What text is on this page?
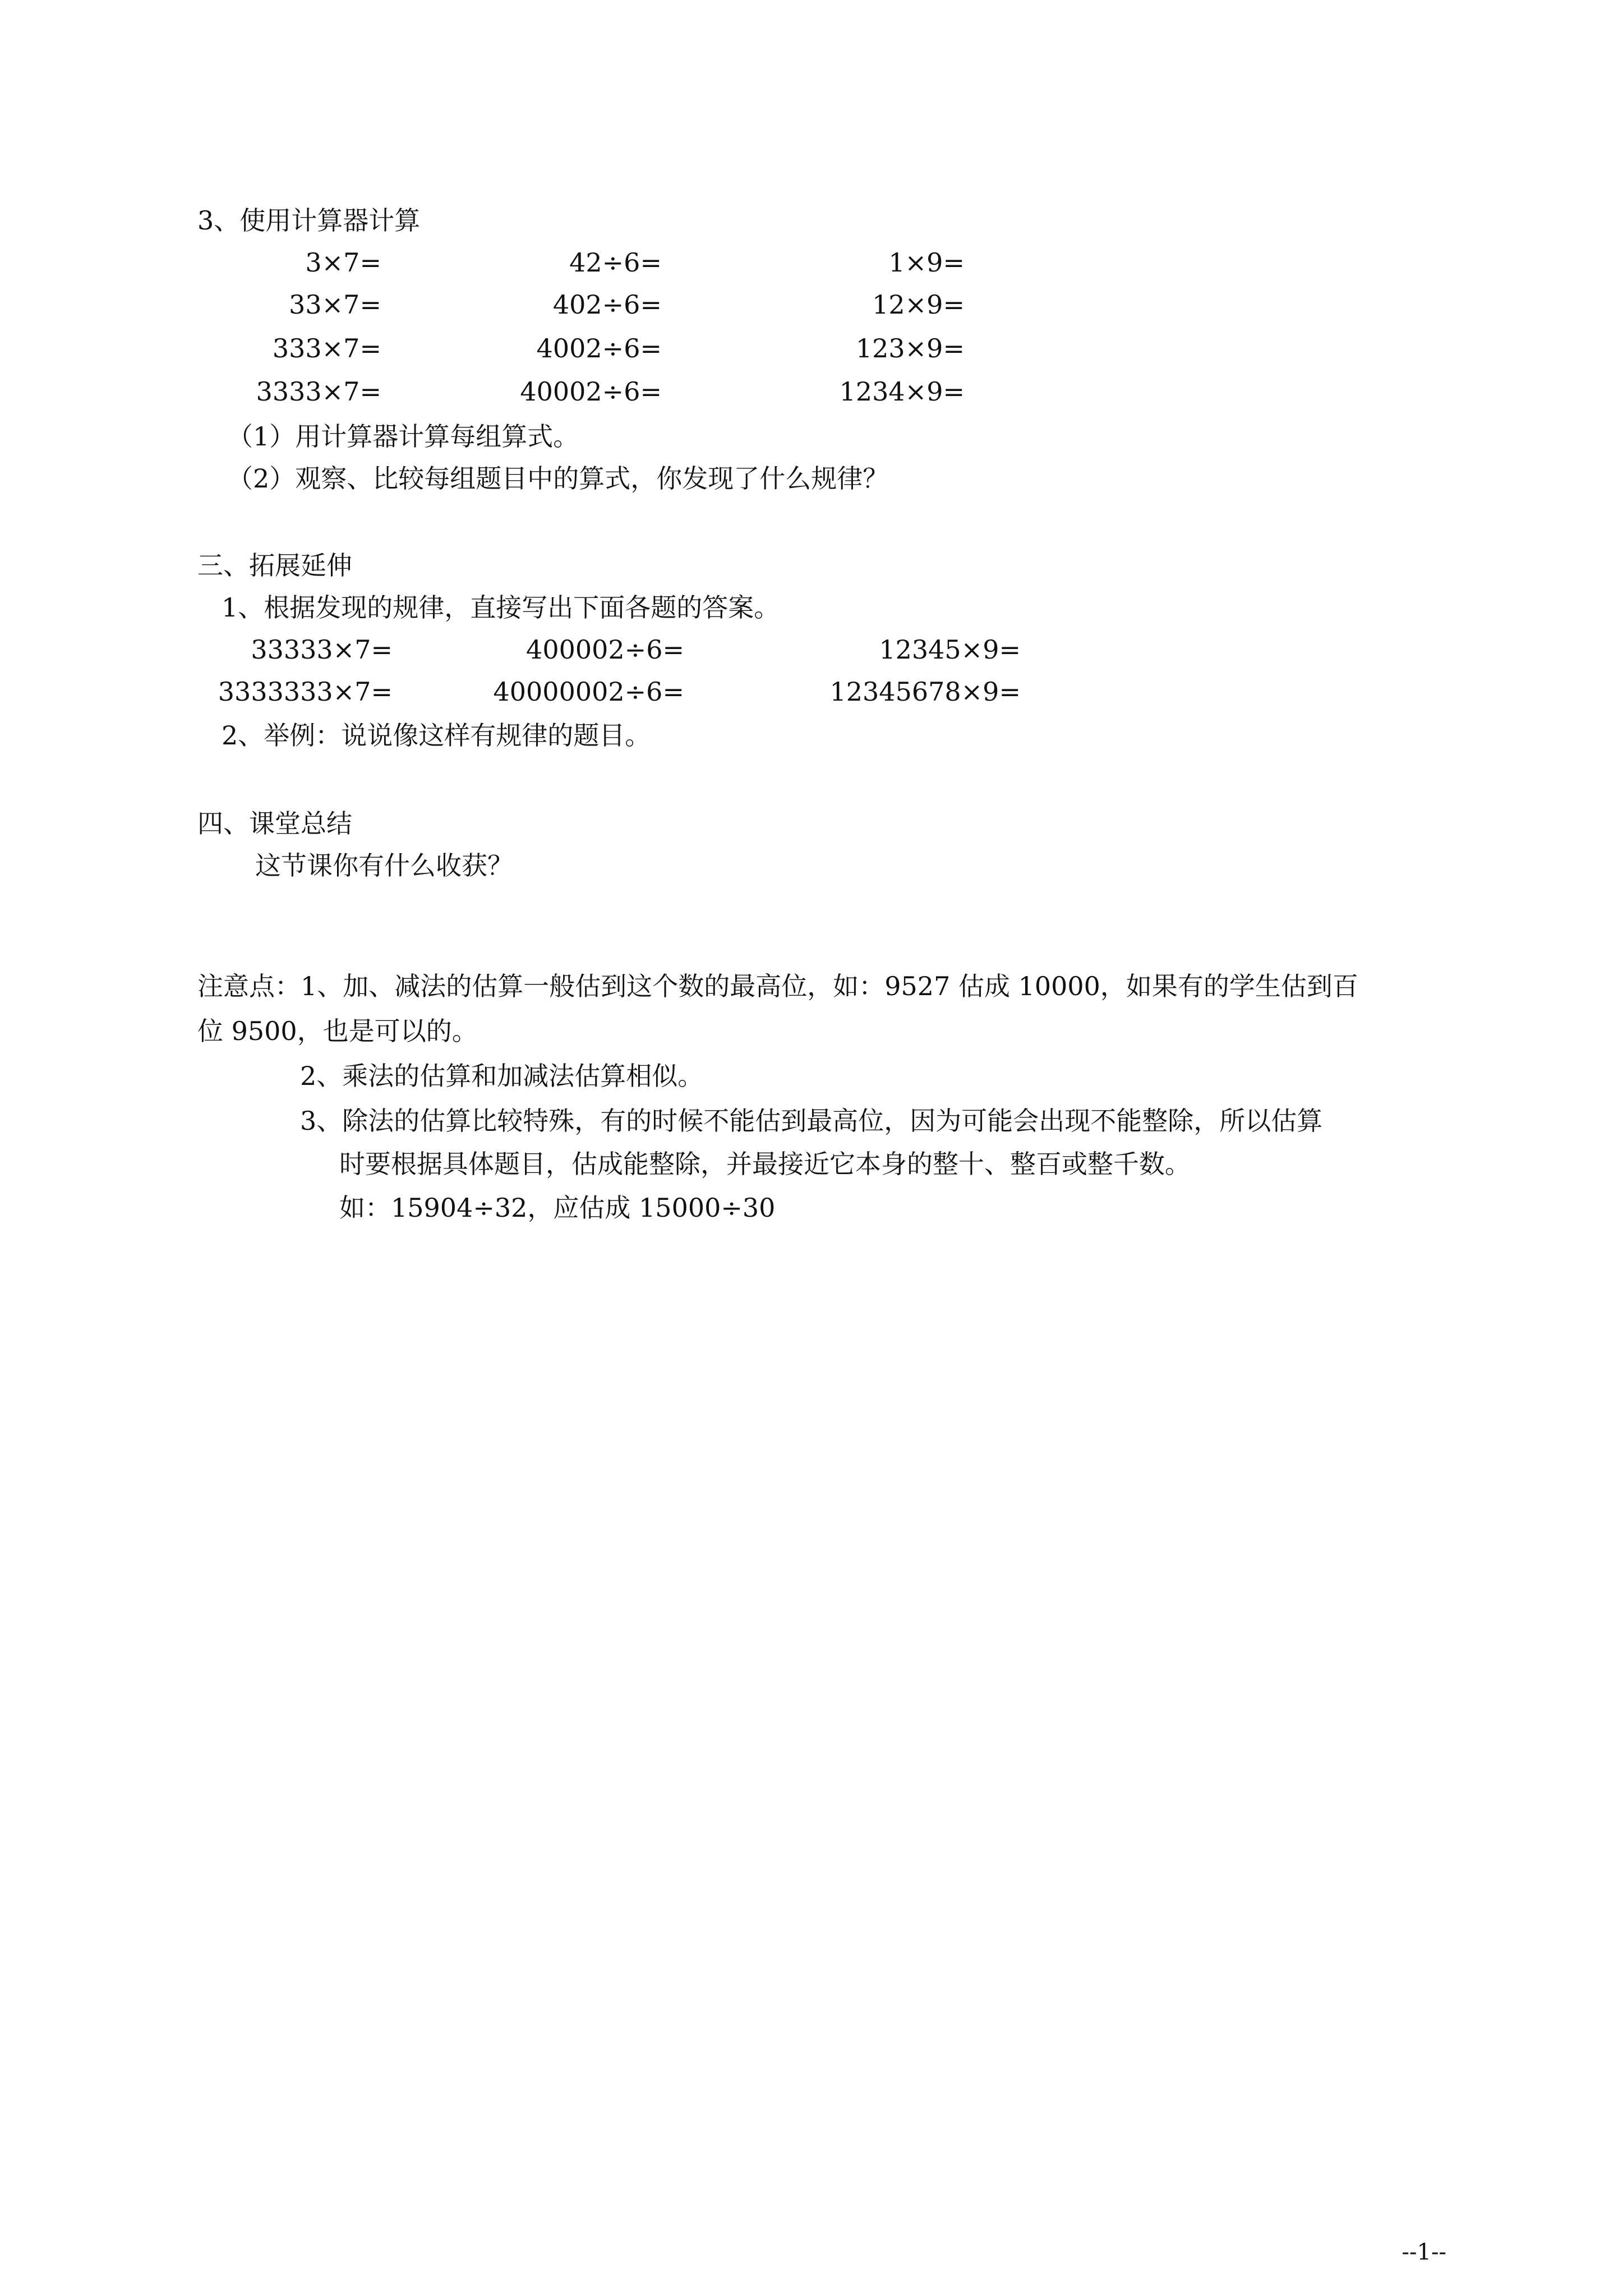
3、使用计算器计算
3×7=	42÷6=	1×9=
33×7=	402÷6=	12×9=
333×7=	4002÷6=	123×9=
3333×7=	40002÷6=	1234×9=
（1）用计算器计算每组算式。
（2）观察、比较每组题目中的算式，你发现了什么规律？
三、拓展延伸
1、根据发现的规律，直接写出下面各题的答案。
33333×7=	400002÷6=	12345×9=
3333333×7=	40000002÷6=	12345678×9=
2、举例：说说像这样有规律的题目。
四、课堂总结
这节课你有什么收获？
注意点：1、加、减法的估算一般估到这个数的最高位，如：9527 估成 10000，如果有的学生估到百
位 9500，也是可以的。
2、乘法的估算和加减法估算相似。
3、除法的估算比较特殊，有的时候不能估到最高位，因为可能会出现不能整除，所以估算
时要根据具体题目，估成能整除，并最接近它本身的整十、整百或整千数。
如：15904÷32，应估成 15000÷30
--1--
